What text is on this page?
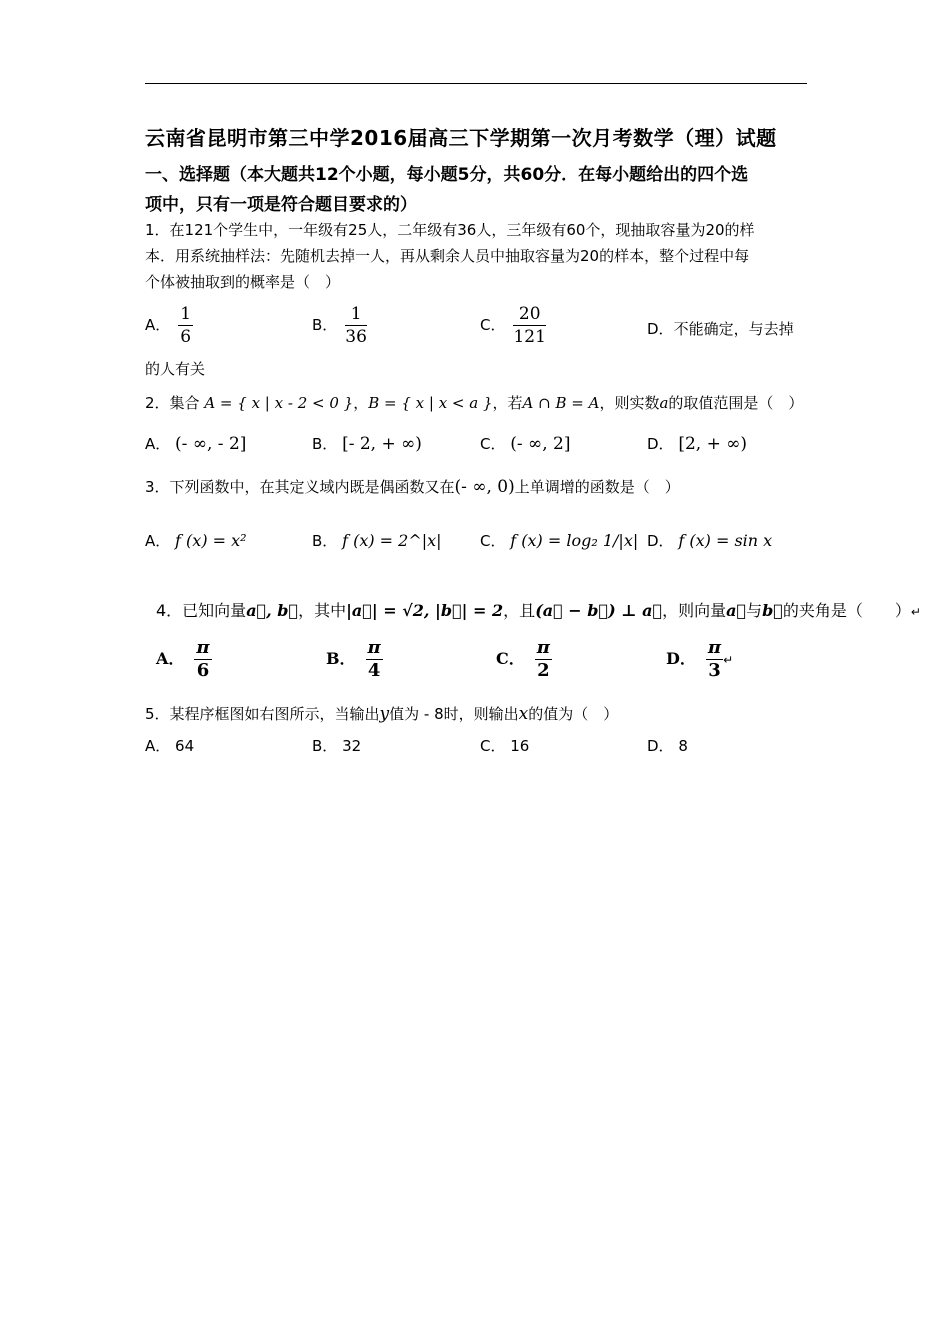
云南省昆明市第三中学2016届高三下学期第一次月考数学（理）试题
一、选择题（本大题共12个小题，每小题5分，共60分．在每小题给出的四个选
项中，只有一项是符合题目要求的）
1．在121个学生中，一年级有25人，二年级有36人，三年级有60个，现抽取容量为20的样
本．用系统抽样法：先随机去掉一人，再从剩余人员中抽取容量为20的样本，整个过程中每
个体被抽取到的概率是（　）
A． $\frac{1}{6}$	B． $\frac{1}{36}$	C． $\frac{20}{121}$	D．不能确定，与去掉
的人有关
2．集合 A = { x | x - 2 < 0 }，B = { x | x < a }，若A ∩ B = A，则实数a的取值范围是（　）
A． (- ∞, - 2]	B． [- 2, + ∞)	C． (- ∞, 2]	D． [2, + ∞)
3．下列函数中，在其定义域内既是偶函数又在(- ∞, 0)上单调增的函数是（　）
A． f (x) = x²	B． f (x) = 2^|x|	C． f (x) = log₂ 1/|x| D． f (x) = sin x
4．已知向量a⃗, b⃗，其中|a⃗| = √2, |b⃗| = 2，且(a⃗ − b⃗) ⊥ a⃗，则向量a⃗与b⃗的夹角是（　　）↵
A． $\frac{\pi}{6}$	B． $\frac{\pi}{4}$	C． $\frac{\pi}{2}$	D． $\frac{\pi}{3}$ ↵
5．某程序框图如右图所示，当输出y值为 - 8时，则输出x的值为（　）
A． 64	B． 32	C． 16	D． 8
